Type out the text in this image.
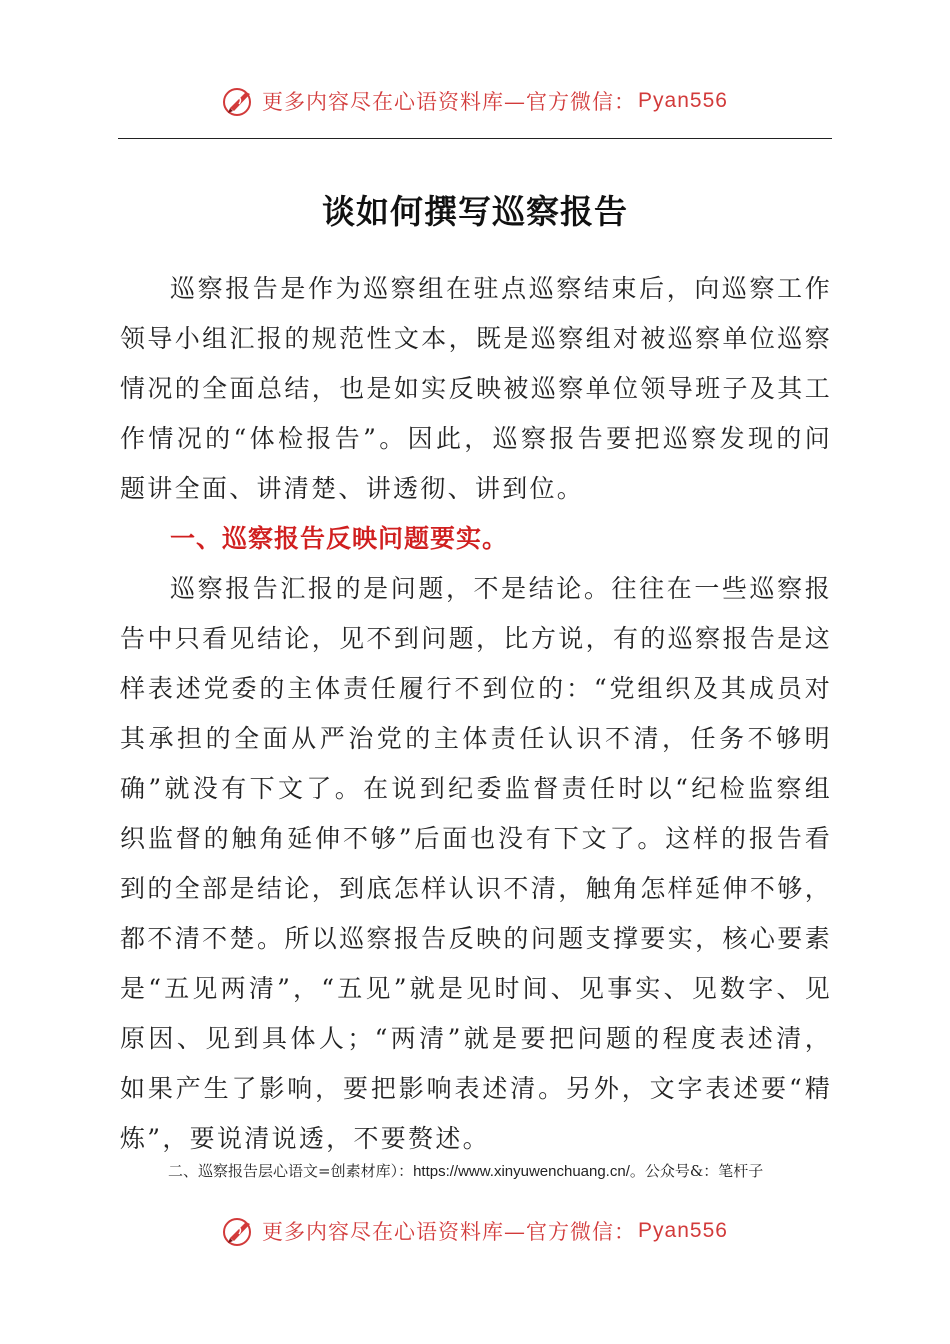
更多内容尽在心语资料库—官方微信： Pyan556
谈如何撰写巡察报告

巡察报告是作为巡察组在驻点巡察结束后，向巡察工作领导小组汇报的规范性文本，既是巡察组对被巡察单位巡察情况的全面总结，也是如实反映被巡察单位领导班子及其工作情况的“体检报告”。因此，巡察报告要把巡察发现的问题讲全面、讲清楚、讲透彻、讲到位。

一、巡察报告反映问题要实。

巡察报告汇报的是问题，不是结论。往往在一些巡察报告中只看见结论，见不到问题，比方说，有的巡察报告是这样表述党委的主体责任履行不到位的：“党组织及其成员对其承担的全面从严治党的主体责任认识不清，任务不够明确”就没有下文了。在说到纪委监督责任时以“纪检监察组织监督的触角延伸不够”后面也没有下文了。这样的报告看到的全部是结论，到底怎样认识不清，触角怎样延伸不够，都不清不楚。所以巡察报告反映的问题支撑要实，核心要素是“五见两清”，“五见”就是见时间、见事实、见数字、见原因、见到具体人；“两清”就是要把问题的程度表述清，如果产生了影响，要把影响表述清。另外，文字表述要“精炼”，要说清说透，不要赘述。

二、巡察报告层心语文=创素材库）：https://www.xinyuwenchuang.cn/。公众号&：笔杆子
更多内容尽在心语资料库—官方微信： Pyan556
